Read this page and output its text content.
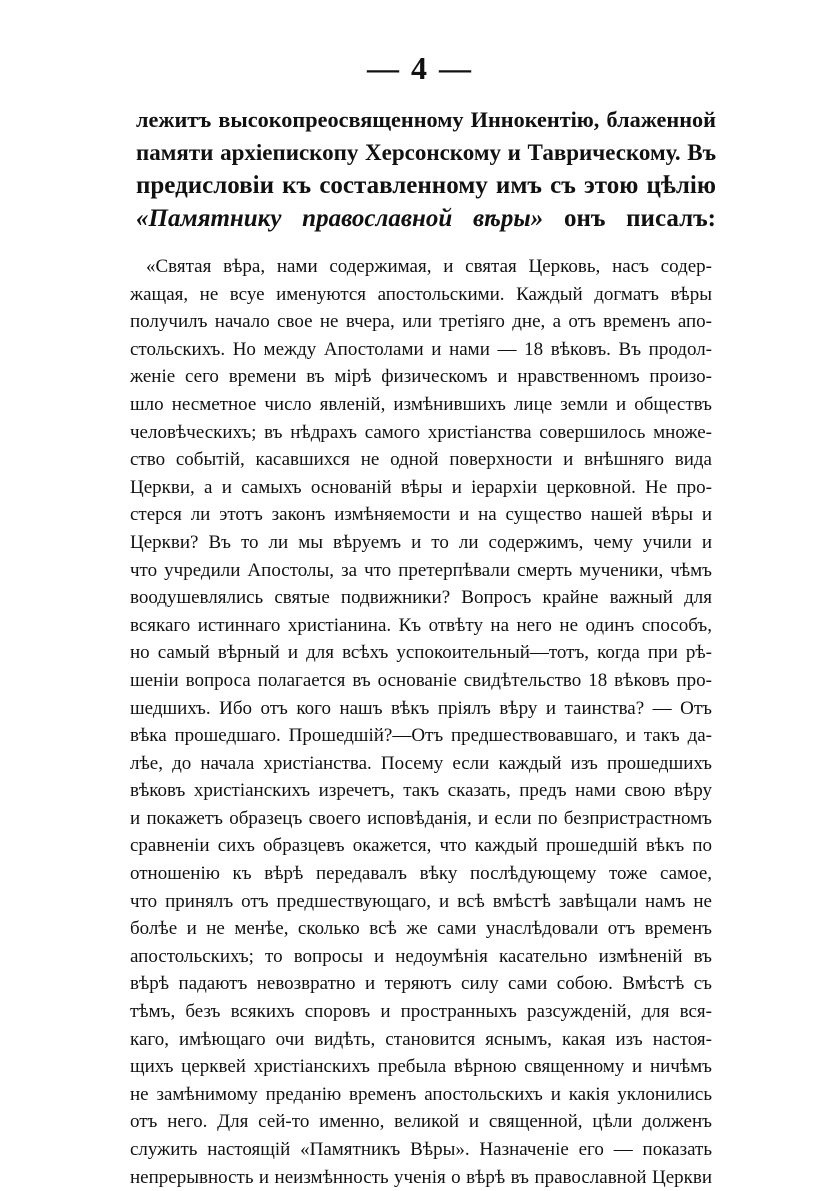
— 4 —
лежитъ высокопреосвященному Иннокентію, блаженной
памяти архіепископу Херсонскому и Таврическому. Въ
предисловіи къ составленному имъ съ этою цѣлію
«Памятнику православной вѣры» онъ писалъ:
«Святая вѣра, нами содержимая, и святая Церковь, насъ содер-
жащая, не всуе именуются апостольскими. Каждый догматъ вѣры
получилъ начало свое не вчера, или третіяго дне, а отъ временъ апо-
стольскихъ. Но между Апостолами и нами — 18 вѣковъ. Въ продол-
женіе сего времени въ мірѣ физическомъ и нравственномъ произо-
шло несметное число явленій, измѣнившихъ лице земли и обществъ
человѣческихъ; въ нѣдрахъ самого христіанства совершилось множе-
ство событій, касавшихся не одной поверхности и внѣшняго вида
Церкви, а и самыхъ основаній вѣры и іерархіи церковной. Не про-
стерся ли этотъ законъ измѣняемости и на существо нашей вѣры и
Церкви? Въ то ли мы вѣруемъ и то ли содержимъ, чему учили и
что учредили Апостолы, за что претерпѣвали смерть мученики, чѣмъ
воодушевлялись святые подвижники? Вопросъ крайне важный для
всякаго истиннаго христіанина. Къ отвѣту на него не одинъ способъ,
но самый вѣрный и для всѣхъ успокоительный—тотъ, когда при рѣ-
шеніи вопроса полагается въ основаніе свидѣтельство 18 вѣковъ про-
шедшихъ. Ибо отъ кого нашъ вѣкъ пріялъ вѣру и таинства? — Отъ
вѣка прошедшаго. Прошедшій?—Отъ предшествовавшаго, и такъ да-
лѣе, до начала христіанства. Посему если каждый изъ прошедшихъ
вѣковъ христіанскихъ изречетъ, такъ сказать, предъ нами свою вѣру
и покажетъ образецъ своего исповѣданія, и если по безпристрастномъ
сравненіи сихъ образцевъ окажется, что каждый прошедшій вѣкъ по
отношенію къ вѣрѣ передавалъ вѣку послѣдующему тоже самое,
что принялъ отъ предшествующаго, и всѣ вмѣстѣ завѣщали намъ не
болѣе и не менѣе, сколько всѣ же сами унаслѣдовали отъ временъ
апостольскихъ; то вопросы и недоумѣнія касательно измѣненій въ
вѣрѣ падаютъ невозвратно и теряютъ силу сами собою. Вмѣстѣ съ
тѣмъ, безъ всякихъ споровъ и пространныхъ разсужденій, для вся-
каго, имѣющаго очи видѣть, становится яснымъ, какая изъ настоя-
щихъ церквей христіанскихъ пребыла вѣрною священному и ничѣмъ
не замѣнимому преданію временъ апостольскихъ и какія уклонились
отъ него. Для сей-то именно, великой и священной, цѣли долженъ
служить настоящій «Памятникъ Вѣры». Назначеніе его — показать
непрерывность и неизмѣнность ученія о вѣрѣ въ православной Церкви
